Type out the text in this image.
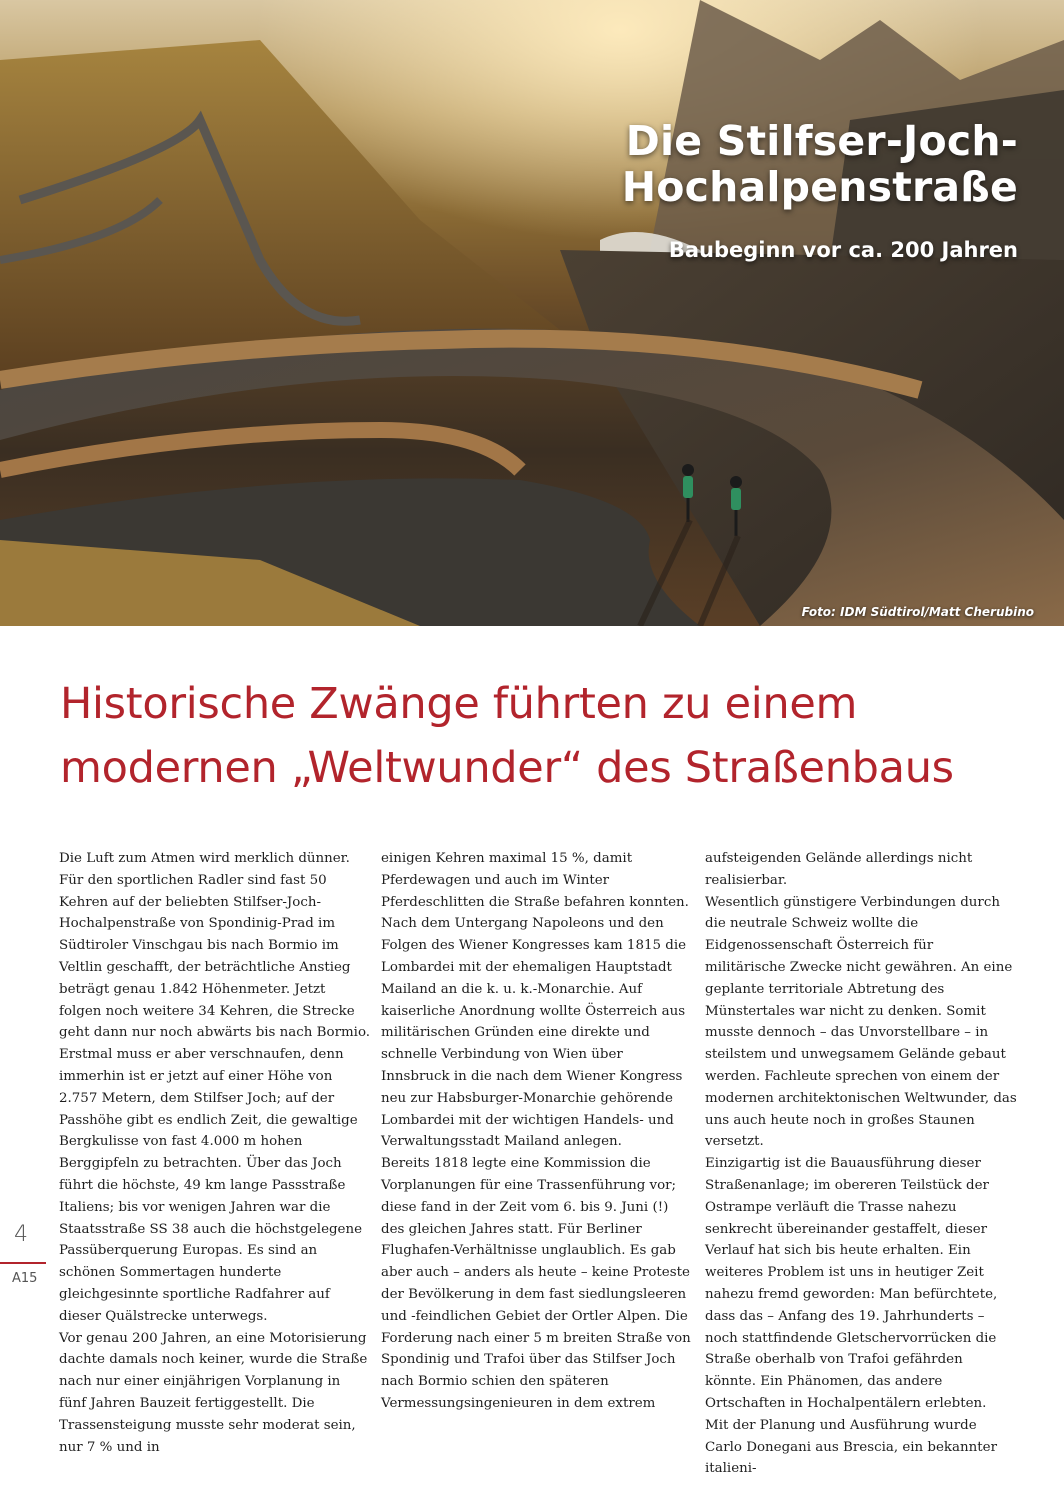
Die Stilfser-Joch-
Hochalpenstraße
Baubeginn vor ca. 200 Jahren
Foto: IDM Südtirol/Matt Cherubino
Historische Zwänge führten zu einem
modernen „Weltwunder“ des Straßenbaus

Die Luft zum Atmen wird merklich dünner. Für den sportlichen Radler sind fast 50 Kehren auf der beliebten Stilfser-Joch-Hochalpenstraße von Spondinig-Prad im Südtiroler Vinschgau bis nach Bormio im Veltlin geschafft, der beträchtliche Anstieg beträgt genau 1.842 Höhenmeter. Jetzt folgen noch weitere 34 Kehren, die Strecke geht dann nur noch abwärts bis nach Bormio. Erstmal muss er aber verschnaufen, denn immerhin ist er jetzt auf einer Höhe von 2.757 Metern, dem Stilfser Joch; auf der Passhöhe gibt es endlich Zeit, die gewaltige Bergkulisse von fast 4.000 m hohen Berggipfeln zu betrachten. Über das Joch führt die höchste, 49 km lange Passstraße Italiens; bis vor wenigen Jahren war die Staatsstraße SS 38 auch die höchstgelegene Passüberquerung Europas. Es sind an schönen Sommertagen hunderte gleichgesinnte sportliche Radfahrer auf dieser Quälstrecke unterwegs.

Vor genau 200 Jahren, an eine Motorisierung dachte damals noch keiner, wurde die Straße nach nur einer einjährigen Vorplanung in fünf Jahren Bauzeit fertiggestellt. Die Trassensteigung musste sehr moderat sein, nur 7 % und in

einigen Kehren maximal 15 %, damit Pferdewagen und auch im Winter Pferdeschlitten die Straße befahren konnten.

Nach dem Untergang Napoleons und den Folgen des Wiener Kongresses kam 1815 die Lombardei mit der ehemaligen Hauptstadt Mailand an die k. u. k.-Monarchie. Auf kaiserliche Anordnung wollte Österreich aus militärischen Gründen eine direkte und schnelle Verbindung von Wien über Innsbruck in die nach dem Wiener Kongress neu zur Habsburger-Monarchie gehörende Lombardei mit der wichtigen Handels- und Verwaltungsstadt Mailand anlegen.

Bereits 1818 legte eine Kommission die Vorplanungen für eine Trassenführung vor; diese fand in der Zeit vom 6. bis 9. Juni (!) des gleichen Jahres statt. Für Berliner Flughafen-Verhältnisse unglaublich. Es gab aber auch – anders als heute – keine Proteste der Bevölkerung in dem fast siedlungsleeren und -feindlichen Gebiet der Ortler Alpen. Die Forderung nach einer 5 m breiten Straße von Spondinig und Trafoi über das Stilfser Joch nach Bormio schien den späteren Vermessungsingenieuren in dem extrem

aufsteigenden Gelände allerdings nicht realisierbar.

Wesentlich günstigere Verbindungen durch die neutrale Schweiz wollte die Eidgenossenschaft Österreich für militärische Zwecke nicht gewähren. An eine geplante territoriale Abtretung des Münstertales war nicht zu denken. Somit musste dennoch – das Unvorstellbare – in steilstem und unwegsamem Gelände gebaut werden. Fachleute sprechen von einem der modernen architektonischen Weltwunder, das uns auch heute noch in großes Staunen versetzt.

Einzigartig ist die Bauausführung dieser Straßenanlage; im obereren Teilstück der Ostrampe verläuft die Trasse nahezu senkrecht übereinander gestaffelt, dieser Verlauf hat sich bis heute erhalten. Ein weiteres Problem ist uns in heutiger Zeit nahezu fremd geworden: Man befürchtete, dass das – Anfang des 19. Jahrhunderts – noch stattfindende Gletschervorrücken die Straße oberhalb von Trafoi gefährden könnte. Ein Phänomen, das andere Ortschaften in Hochalpentälern erlebten.

Mit der Planung und Ausführung wurde Carlo Donegani aus Brescia, ein bekannter italieni-

4
A15
